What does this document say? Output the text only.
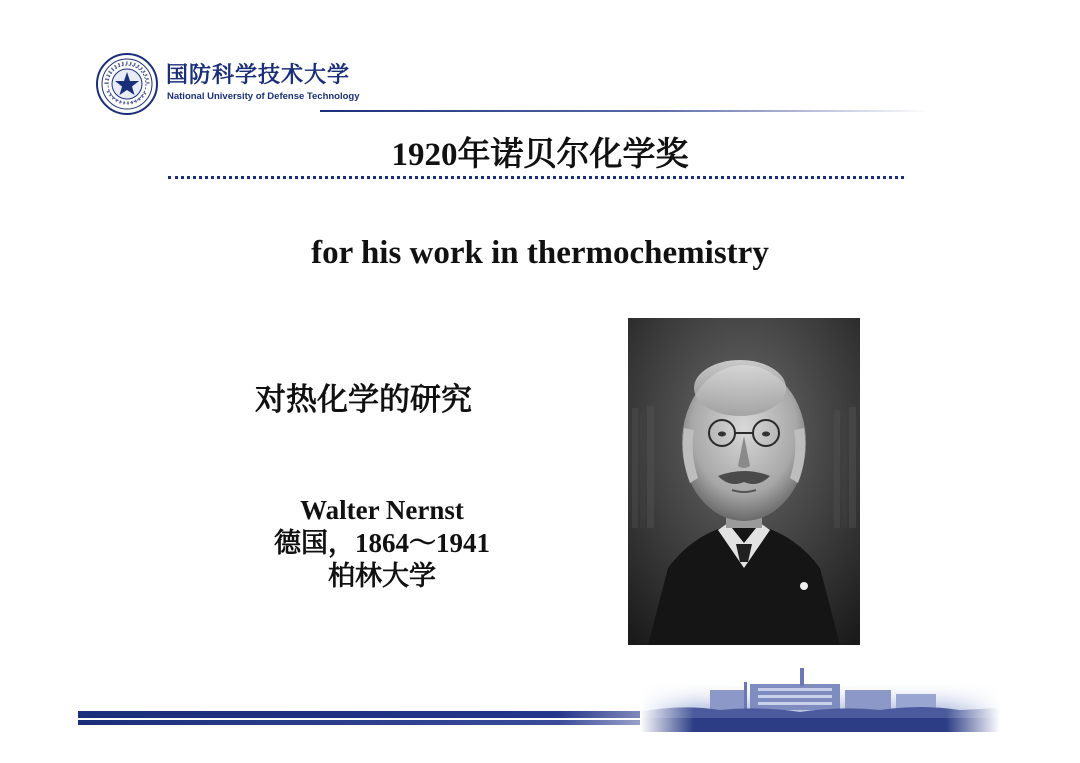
国防科学技术大学
National University of Defense Technology
1920年诺贝尔化学奖
for his work in thermochemistry
对热化学的研究
Walter Nernst
德国，1864～1941
柏林大学
